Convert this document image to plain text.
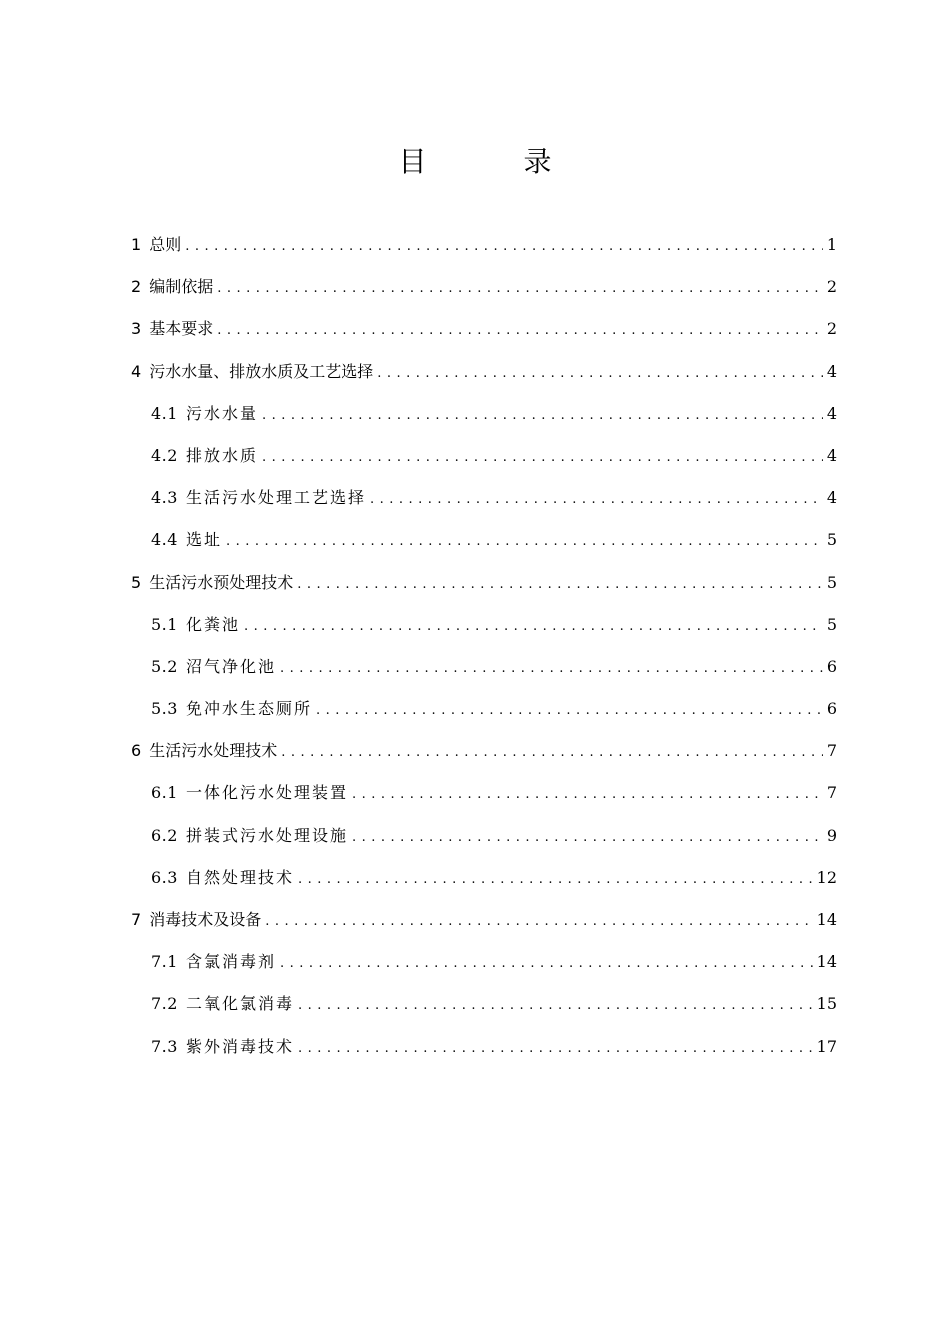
目 录
1 总则 .....	1
2 编制依据 .....	2
3 基本要求 .....	2
4 污水水量、排放水质及工艺选择 .....	4
4.1 污水水量 .....	4
4.2 排放水质 .....	4
4.3 生活污水处理工艺选择 .....	4
4.4 选址 .....	5
5 生活污水预处理技术 .....	5
5.1 化粪池 .....	5
5.2 沼气净化池 .....	6
5.3 免冲水生态厕所 .....	6
6 生活污水处理技术 .....	7
6.1 一体化污水处理装置 .....	7
6.2 拼装式污水处理设施 .....	9
6.3 自然处理技术 .....	12
7 消毒技术及设备 .....	14
7.1 含氯消毒剂 .....	14
7.2 二氧化氯消毒 .....	15
7.3 紫外消毒技术 .....	17
